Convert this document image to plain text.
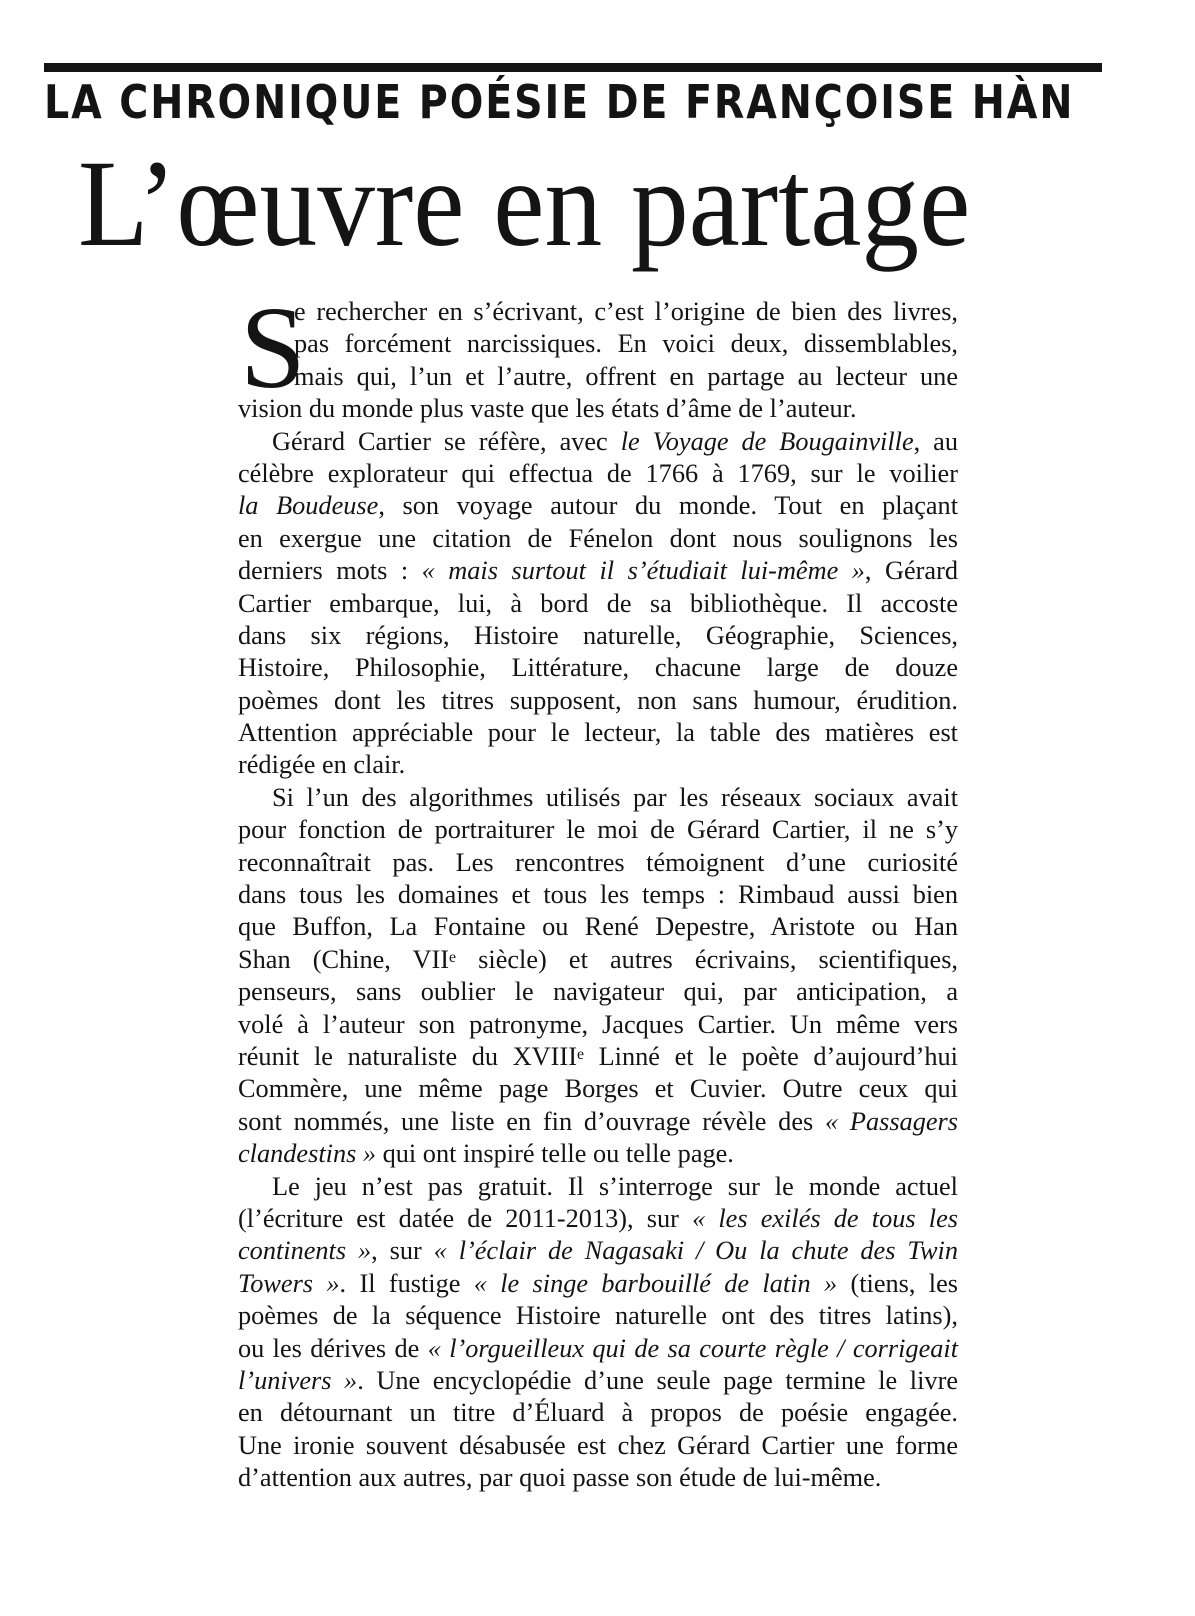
LA CHRONIQUE POÉSIE DE FRANÇOISE HÀN
L’œuvre en partage
S
e rechercher en s’écrivant, c’est l’origine de bien des livres,
pas forcément narcissiques. En voici deux, dissemblables,
mais qui, l’un et l’autre, offrent en partage au lecteur une
vision du monde plus vaste que les états d’âme de l’auteur.
Gérard Cartier se réfère, avec le Voyage de Bougainville, au
célèbre explorateur qui effectua de 1766 à 1769, sur le voilier
la Boudeuse, son voyage autour du monde. Tout en plaçant
en exergue une citation de Fénelon dont nous soulignons les
derniers mots : « mais surtout il s’étudiait lui-même », Gérard
Cartier embarque, lui, à bord de sa bibliothèque. Il accoste
dans six régions, Histoire naturelle, Géographie, Sciences,
Histoire, Philosophie, Littérature, chacune large de douze
poèmes dont les titres supposent, non sans humour, érudition.
Attention appréciable pour le lecteur, la table des matières est
rédigée en clair.
Si l’un des algorithmes utilisés par les réseaux sociaux avait
pour fonction de portraiturer le moi de Gérard Cartier, il ne s’y
reconnaîtrait pas. Les rencontres témoignent d’une curiosité
dans tous les domaines et tous les temps : Rimbaud aussi bien
que Buffon, La Fontaine ou René Depestre, Aristote ou Han
Shan (Chine, VIIe siècle) et autres écrivains, scientifiques,
penseurs, sans oublier le navigateur qui, par anticipation, a
volé à l’auteur son patronyme, Jacques Cartier. Un même vers
réunit le naturaliste du XVIIIe Linné et le poète d’aujourd’hui
Commère, une même page Borges et Cuvier. Outre ceux qui
sont nommés, une liste en fin d’ouvrage révèle des « Passagers
clandestins » qui ont inspiré telle ou telle page.
Le jeu n’est pas gratuit. Il s’interroge sur le monde actuel
(l’écriture est datée de 2011-2013), sur « les exilés de tous les
continents », sur « l’éclair de Nagasaki / Ou la chute des Twin
Towers ». Il fustige « le singe barbouillé de latin » (tiens, les
poèmes de la séquence Histoire naturelle ont des titres latins),
ou les dérives de « l’orgueilleux qui de sa courte règle / corrigeait
l’univers ». Une encyclopédie d’une seule page termine le livre
en détournant un titre d’Éluard à propos de poésie engagée.
Une ironie souvent désabusée est chez Gérard Cartier une forme
d’attention aux autres, par quoi passe son étude de lui-même.
